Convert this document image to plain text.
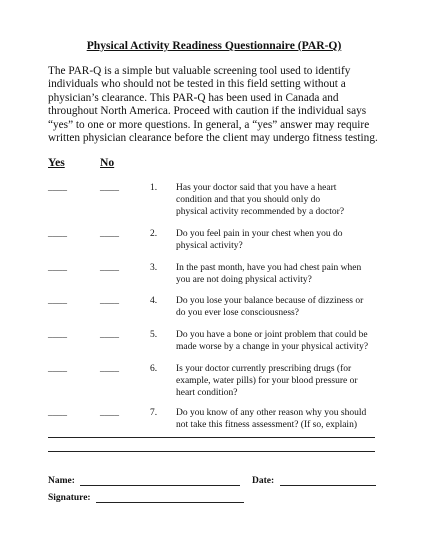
Physical Activity Readiness Questionnaire (PAR-Q)
The PAR-Q is a simple but valuable screening tool used to identify
individuals who should not be tested in this field setting without a
physician’s clearance. This PAR-Q has been used in Canada and
throughout North America. Proceed with caution if the individual says
“yes” to one or more questions. In general, a “yes” answer may require
written physician clearance before the client may undergo fitness testing.
Yes	No
____	____	1. Has your doctor said that you have a heart
condition and that you should only do
physical activity recommended by a doctor?
____	____	2. Do you feel pain in your chest when you do
physical activity?
____	____	3. In the past month, have you had chest pain when
you are not doing physical activity?
____	____	4. Do you lose your balance because of dizziness or
do you ever lose consciousness?
____	____	5. Do you have a bone or joint problem that could be
made worse by a change in your physical activity?
____	____	6. Is your doctor currently prescribing drugs (for
example, water pills) for your blood pressure or
heart condition?
____	____	7. Do you know of any other reason why you should
not take this fitness assessment? (If so, explain)
Name:	Date:
Signature:
